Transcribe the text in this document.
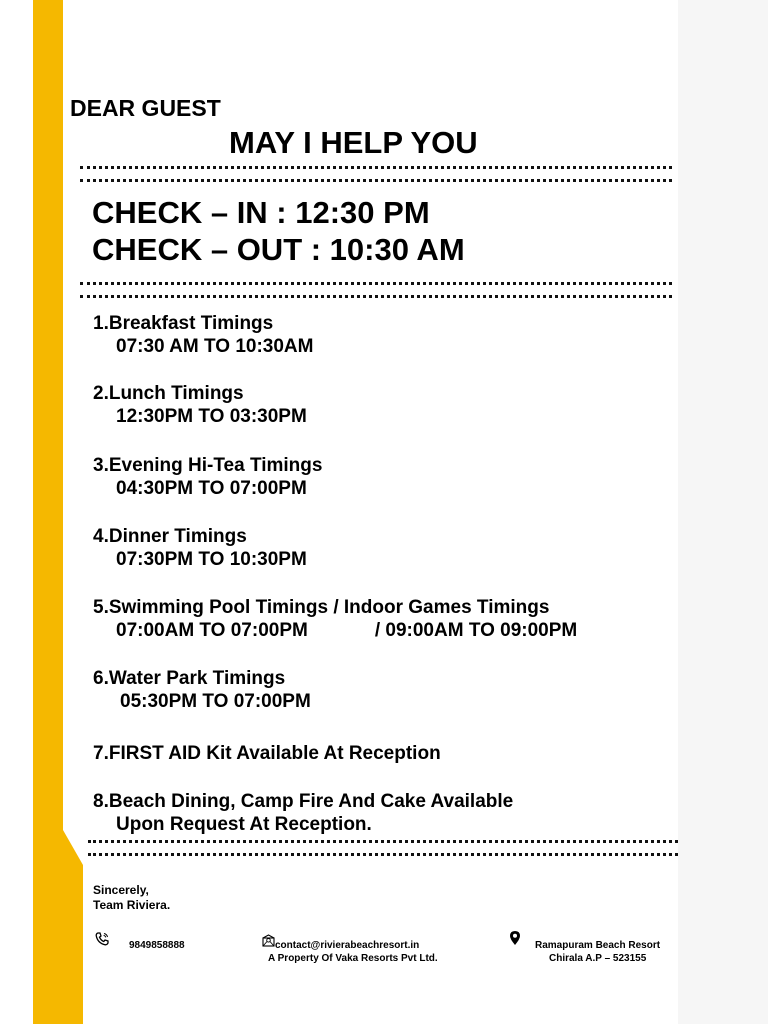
DEAR GUEST
MAY I HELP YOU
CHECK – IN : 12:30 PM
CHECK – OUT : 10:30 AM
1.Breakfast Timings
07:30 AM TO 10:30AM
2.Lunch Timings
12:30PM TO 03:30PM
3.Evening Hi-Tea Timings
04:30PM TO 07:00PM
4.Dinner Timings
07:30PM TO 10:30PM
5.Swimming Pool Timings / Indoor Games Timings
07:00AM TO 07:00PM	/ 09:00AM TO 09:00PM
6.Water Park Timings
05:30PM TO 07:00PM
7.FIRST AID Kit Available At Reception
8.Beach Dining, Camp Fire And Cake Available
Upon Request At Reception.
Sincerely,
Team Riviera.
9849858888	contact@rivierabeachresort.in
A Property Of Vaka Resorts Pvt Ltd.
Ramapuram Beach Resort
Chirala A.P – 523155
